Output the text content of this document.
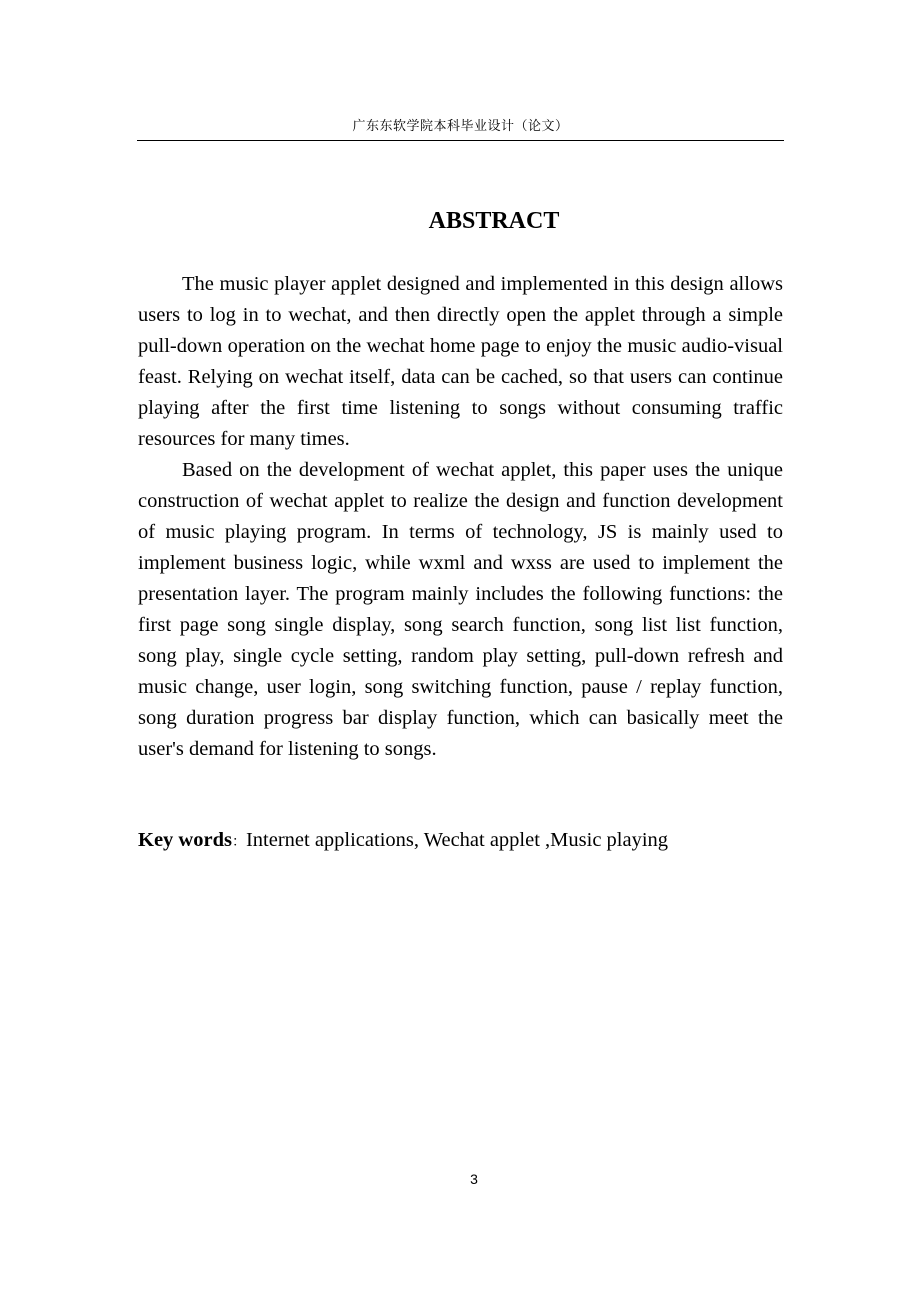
广东东软学院本科毕业设计（论文）
ABSTRACT

The music player applet designed and implemented in this design allows users to log in to wechat, and then directly open the applet through a simple pull-down operation on the wechat home page to enjoy the music audio-visual feast. Relying on wechat itself, data can be cached, so that users can continue playing after the first time listening to songs without consuming traffic resources for many times.

Based on the development of wechat applet, this paper uses the unique construction of wechat applet to realize the design and function development of music playing program. In terms of technology, JS is mainly used to implement business logic, while wxml and wxss are used to implement the presentation layer. The program mainly includes the following functions: the first page song single display, song search function, song list list function, song play, single cycle setting, random play setting, pull-down refresh and music change, user login, song switching function, pause / replay function, song duration progress bar display function, which can basically meet the user's demand for listening to songs.

Key words：Internet applications, Wechat applet ,Music playing

3
